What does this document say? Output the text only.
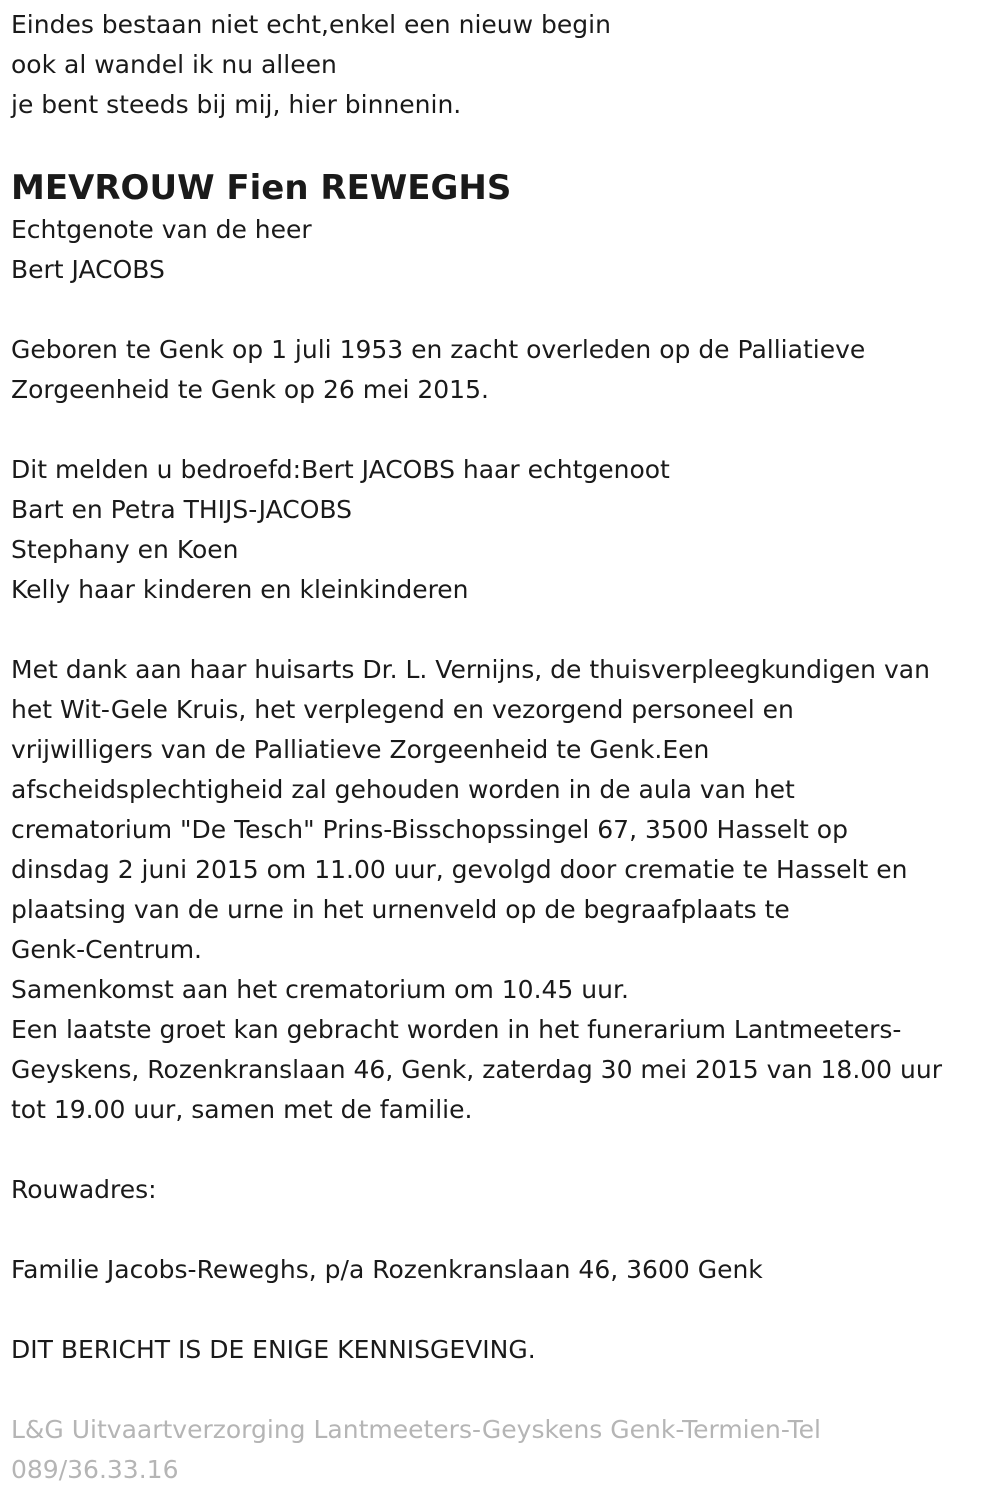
Eindes bestaan niet echt,enkel een nieuw begin
ook al wandel ik nu alleen
je bent steeds bij mij, hier binnenin.
MEVROUW Fien REWEGHS
Echtgenote van de heer
Bert JACOBS
Geboren te Genk op 1 juli 1953 en zacht overleden op de Palliatieve
Zorgeenheid te Genk op 26 mei 2015.
Dit melden u bedroefd:Bert JACOBS haar echtgenoot
Bart en Petra THIJS-JACOBS
Stephany en Koen
Kelly haar kinderen en kleinkinderen
Met dank aan haar huisarts Dr. L. Vernijns, de thuisverpleegkundigen van
het Wit-Gele Kruis, het verplegend en vezorgend personeel en
vrijwilligers van de Palliatieve Zorgeenheid te Genk.Een
afscheidsplechtigheid zal gehouden worden in de aula van het
crematorium "De Tesch" Prins-Bisschopssingel 67, 3500 Hasselt op
dinsdag 2 juni 2015 om 11.00 uur, gevolgd door crematie te Hasselt en
plaatsing van de urne in het urnenveld op de begraafplaats te
Genk-Centrum.
Samenkomst aan het crematorium om 10.45 uur.
Een laatste groet kan gebracht worden in het funerarium Lantmeeters-
Geyskens, Rozenkranslaan 46, Genk, zaterdag 30 mei 2015 van 18.00 uur
tot 19.00 uur, samen met de familie.
Rouwadres:
Familie Jacobs-Reweghs, p/a Rozenkranslaan 46, 3600 Genk
DIT BERICHT IS DE ENIGE KENNISGEVING.
L&G Uitvaartverzorging Lantmeeters-Geyskens Genk-Termien-Tel
089/36.33.16
